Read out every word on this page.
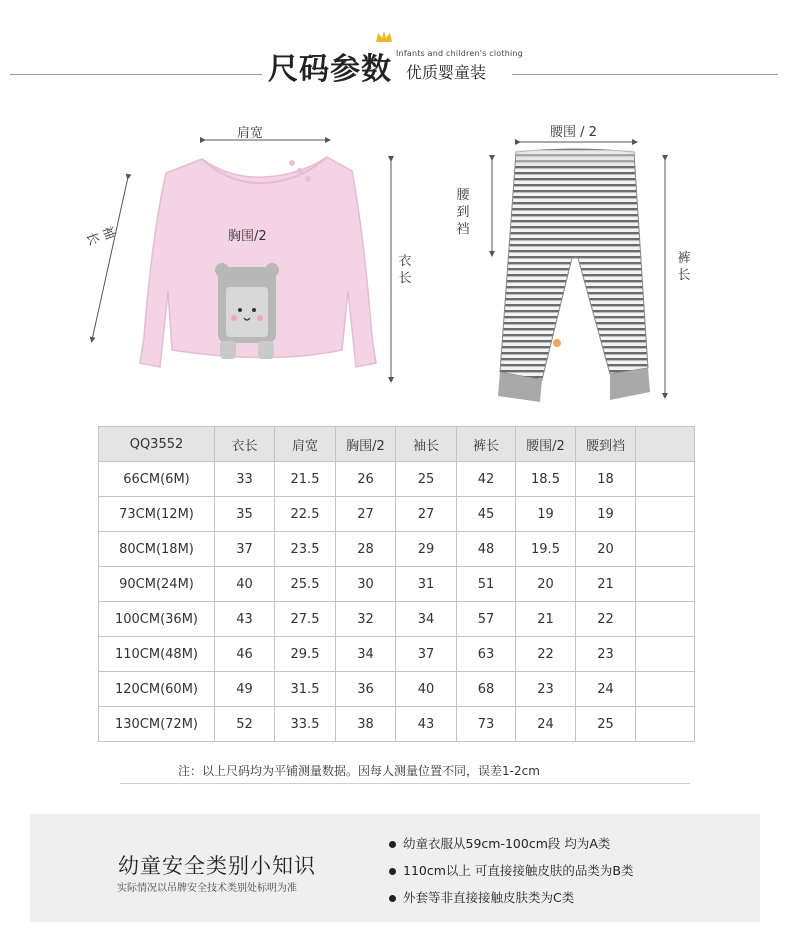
尺码参数 Infants and children's clothing
优质婴童装
肩宽
胸围/2
袖长
衣长
腰围 / 2
腰到裆
裤长
QQ3552	衣长	肩宽	胸围/2	袖长	裤长	腰围/2	腰到裆	
66CM(6M)	33	21.5	26	25	42	18.5	18	
73CM(12M)	35	22.5	27	27	45	19	19	
80CM(18M)	37	23.5	28	29	48	19.5	20	
90CM(24M)	40	25.5	30	31	51	20	21	
100CM(36M)	43	27.5	32	34	57	21	22	
110CM(48M)	46	29.5	34	37	63	22	23	
120CM(60M)	49	31.5	36	40	68	23	24	
130CM(72M)	52	33.5	38	43	73	24	25	
注：以上尺码均为平铺测量数据。因每人测量位置不同，误差1-2cm
幼童安全类别小知识
实际情况以吊牌安全技术类别处标明为准
幼童衣服从59cm-100cm段 均为A类
110cm以上 可直接接触皮肤的品类为B类
外套等非直接接触皮肤类为C类
